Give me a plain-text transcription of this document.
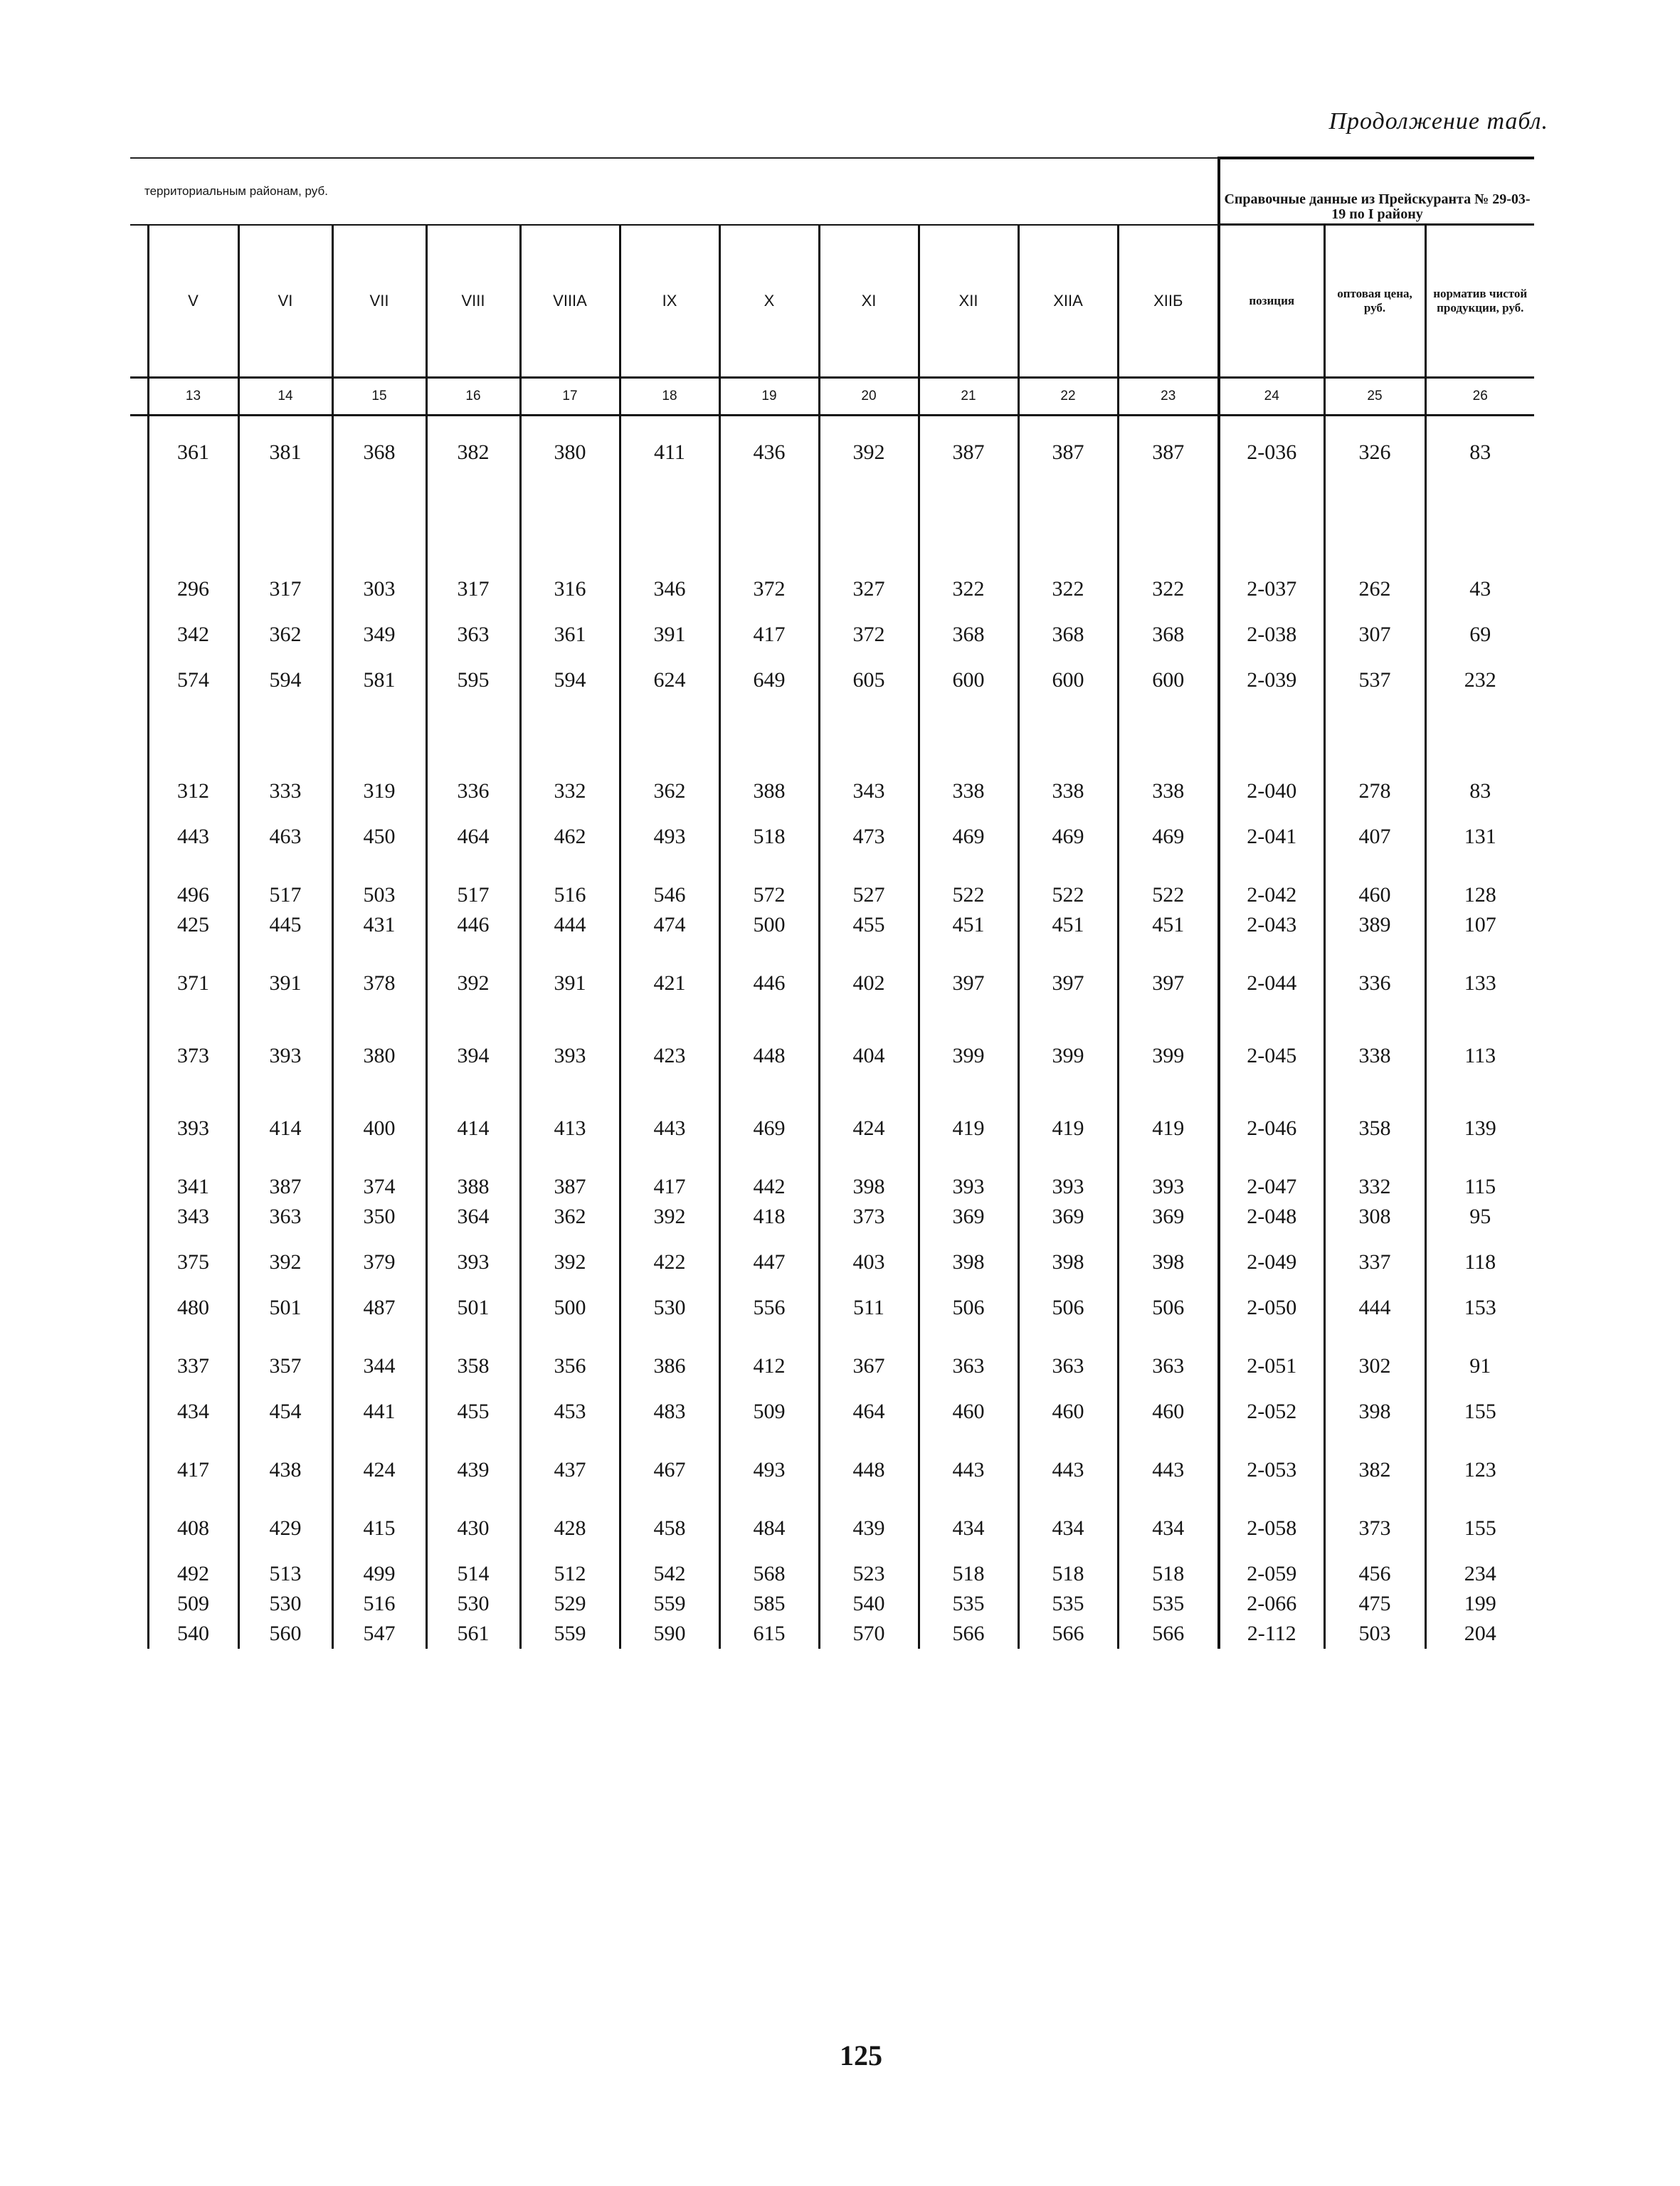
Продолжение табл.
территориальным районам, руб.												Справочные данные из Прейскуранта № 29-03-19 по I району		
	V	VI	VII	VIII	VIIIA	IX	X	XI	XII	XIIA	XIIБ	позиция	оптовая цена, руб.	норматив чистой продукции, руб.
	13	14	15	16	17	18	19	20	21	22	23	24	25	26

	361	381	368	382	380	411	436	392	387	387	387	2-036	326	83

	296	317	303	317	316	346	372	327	322	322	322	2-037	262	43

	342	362	349	363	361	391	417	372	368	368	368	2-038	307	69

	574	594	581	595	594	624	649	605	600	600	600	2-039	537	232

	312	333	319	336	332	362	388	343	338	338	338	2-040	278	83

	443	463	450	464	462	493	518	473	469	469	469	2-041	407	131

	496	517	503	517	516	546	572	527	522	522	522	2-042	460	128
	425	445	431	446	444	474	500	455	451	451	451	2-043	389	107

	371	391	378	392	391	421	446	402	397	397	397	2-044	336	133

	373	393	380	394	393	423	448	404	399	399	399	2-045	338	113

	393	414	400	414	413	443	469	424	419	419	419	2-046	358	139

	341	387	374	388	387	417	442	398	393	393	393	2-047	332	115
	343	363	350	364	362	392	418	373	369	369	369	2-048	308	95

	375	392	379	393	392	422	447	403	398	398	398	2-049	337	118

	480	501	487	501	500	530	556	511	506	506	506	2-050	444	153

	337	357	344	358	356	386	412	367	363	363	363	2-051	302	91

	434	454	441	455	453	483	509	464	460	460	460	2-052	398	155

	417	438	424	439	437	467	493	448	443	443	443	2-053	382	123

	408	429	415	430	428	458	484	439	434	434	434	2-058	373	155

	492	513	499	514	512	542	568	523	518	518	518	2-059	456	234
	509	530	516	530	529	559	585	540	535	535	535	2-066	475	199
	540	560	547	561	559	590	615	570	566	566	566	2-112	503	204
125
